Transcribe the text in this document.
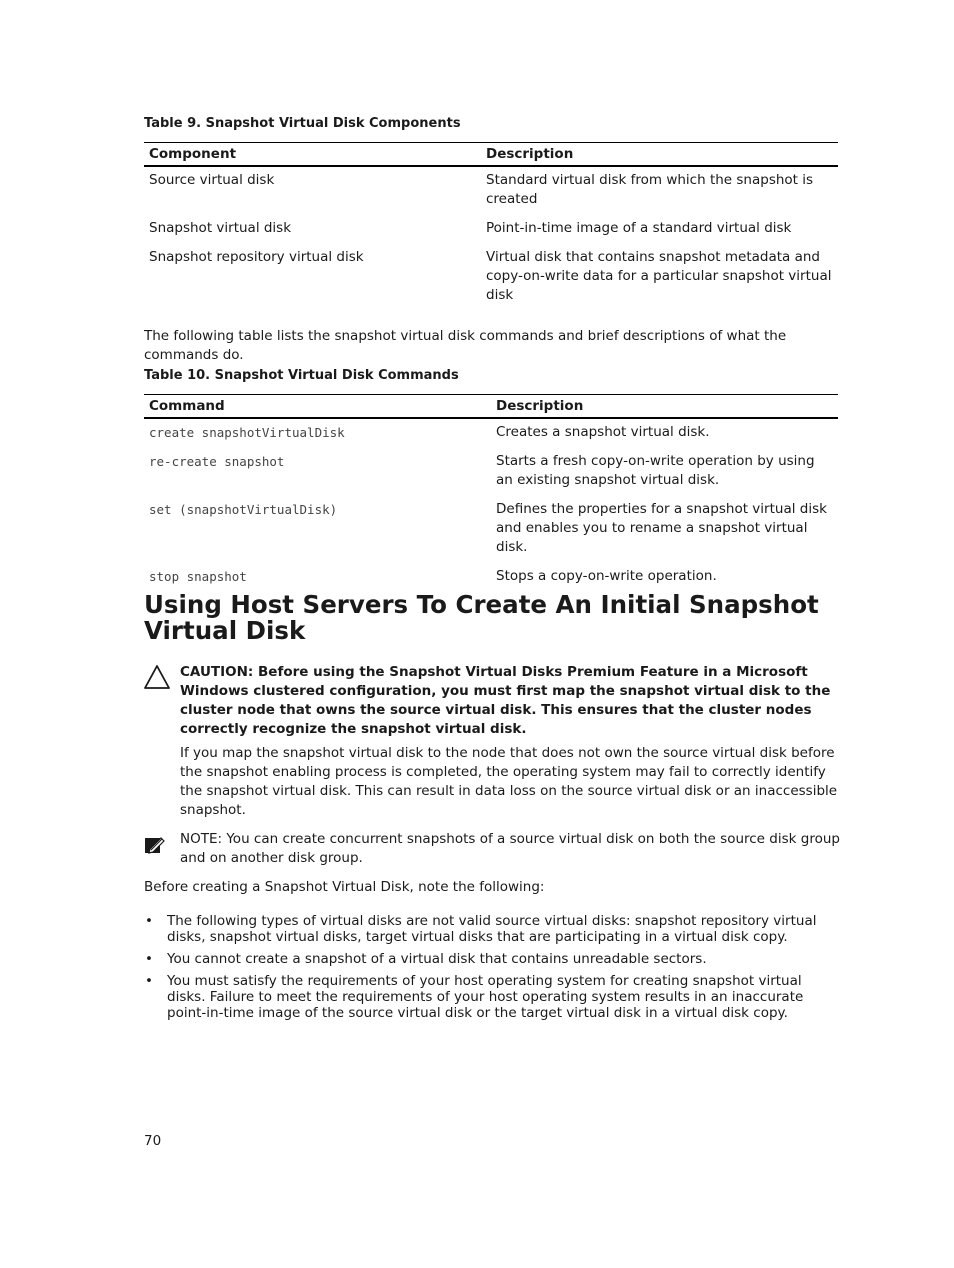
Table 9. Snapshot Virtual Disk Components
Component	Description
Source virtual disk	Standard virtual disk from which the snapshot is created
Snapshot virtual disk	Point-in-time image of a standard virtual disk
Snapshot repository virtual disk	Virtual disk that contains snapshot metadata and copy-on-write data for a particular snapshot virtual disk
The following table lists the snapshot virtual disk commands and brief descriptions of what the commands do.
Table 10. Snapshot Virtual Disk Commands
Command	Description
create snapshotVirtualDisk	Creates a snapshot virtual disk.
re-create snapshot	Starts a fresh copy-on-write operation by using an existing snapshot virtual disk.
set (snapshotVirtualDisk)	Defines the properties for a snapshot virtual disk and enables you to rename a snapshot virtual disk.
stop snapshot	Stops a copy-on-write operation.
Using Host Servers To Create An Initial Snapshot Virtual Disk
CAUTION: Before using the Snapshot Virtual Disks Premium Feature in a Microsoft Windows clustered configuration, you must first map the snapshot virtual disk to the cluster node that owns the source virtual disk. This ensures that the cluster nodes correctly recognize the snapshot virtual disk.
If you map the snapshot virtual disk to the node that does not own the source virtual disk before the snapshot enabling process is completed, the operating system may fail to correctly identify the snapshot virtual disk. This can result in data loss on the source virtual disk or an inaccessible snapshot.
NOTE: You can create concurrent snapshots of a source virtual disk on both the source disk group and on another disk group.
Before creating a Snapshot Virtual Disk, note the following:
• The following types of virtual disks are not valid source virtual disks: snapshot repository virtual disks, snapshot virtual disks, target virtual disks that are participating in a virtual disk copy.
• You cannot create a snapshot of a virtual disk that contains unreadable sectors.
• You must satisfy the requirements of your host operating system for creating snapshot virtual disks. Failure to meet the requirements of your host operating system results in an inaccurate point-in-time image of the source virtual disk or the target virtual disk in a virtual disk copy.
70
